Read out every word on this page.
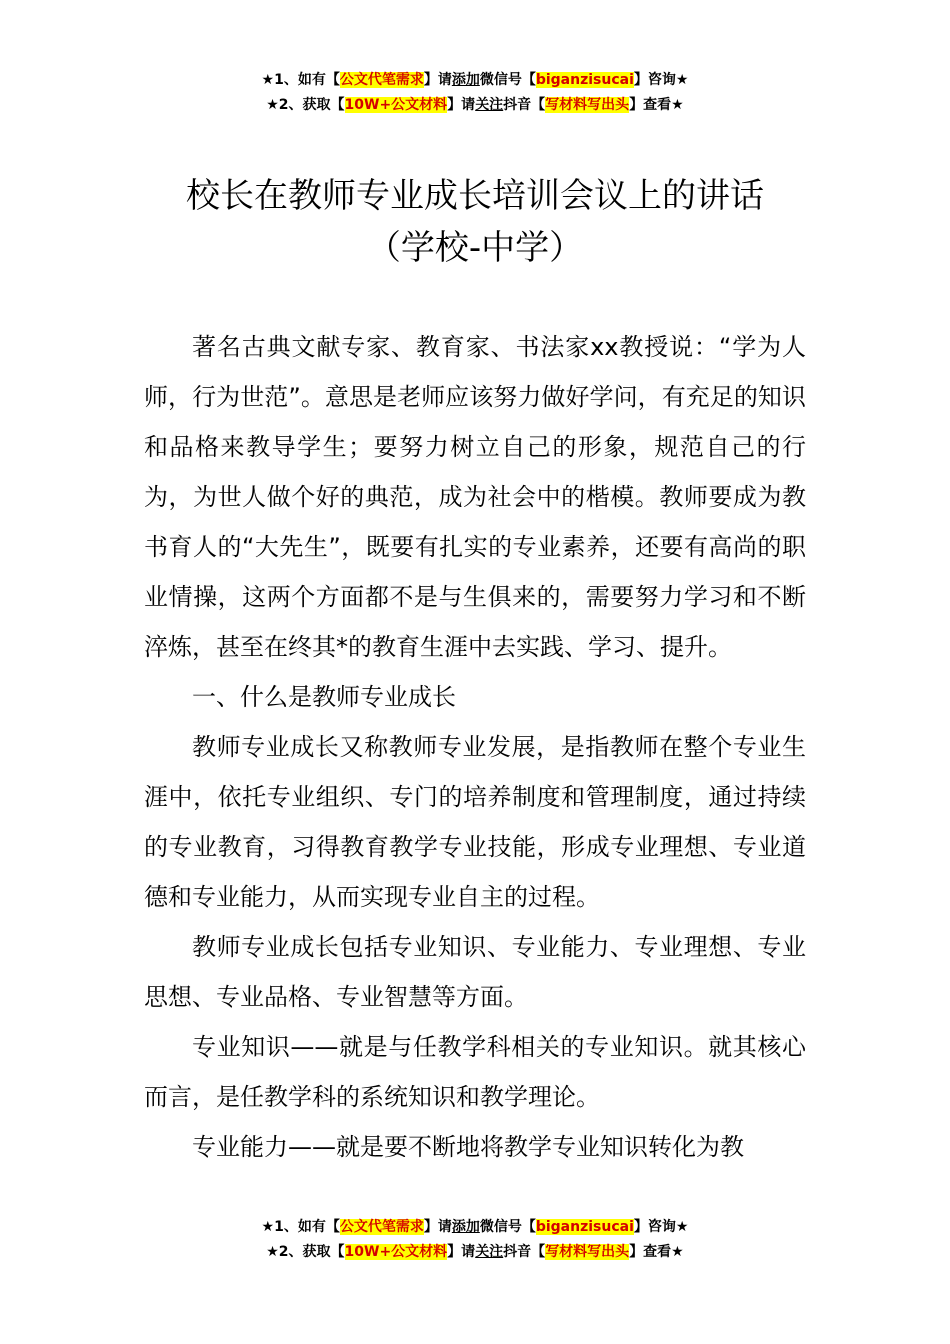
★1、如有【公文代笔需求】请添加微信号【biganzisucai】咨询★
★2、获取【10W+公文材料】请关注抖音【写材料写出头】查看★
校长在教师专业成长培训会议上的讲话
（学校-中学）

著名古典文献专家、教育家、书法家xx教授说：“学为人师，行为世范”。意思是老师应该努力做好学问，有充足的知识和品格来教导学生；要努力树立自己的形象，规范自己的行为，为世人做个好的典范，成为社会中的楷模。教师要成为教书育人的“大先生”，既要有扎实的专业素养，还要有高尚的职业情操，这两个方面都不是与生俱来的，需要努力学习和不断淬炼，甚至在终其*的教育生涯中去实践、学习、提升。

一、什么是教师专业成长

教师专业成长又称教师专业发展，是指教师在整个专业生涯中，依托专业组织、专门的培养制度和管理制度，通过持续的专业教育，习得教育教学专业技能，形成专业理想、专业道德和专业能力，从而实现专业自主的过程。

教师专业成长包括专业知识、专业能力、专业理想、专业思想、专业品格、专业智慧等方面。

专业知识——就是与任教学科相关的专业知识。就其核心而言，是任教学科的系统知识和教学理论。

专业能力——就是要不断地将教学专业知识转化为教

★1、如有【公文代笔需求】请添加微信号【biganzisucai】咨询★
★2、获取【10W+公文材料】请关注抖音【写材料写出头】查看★
